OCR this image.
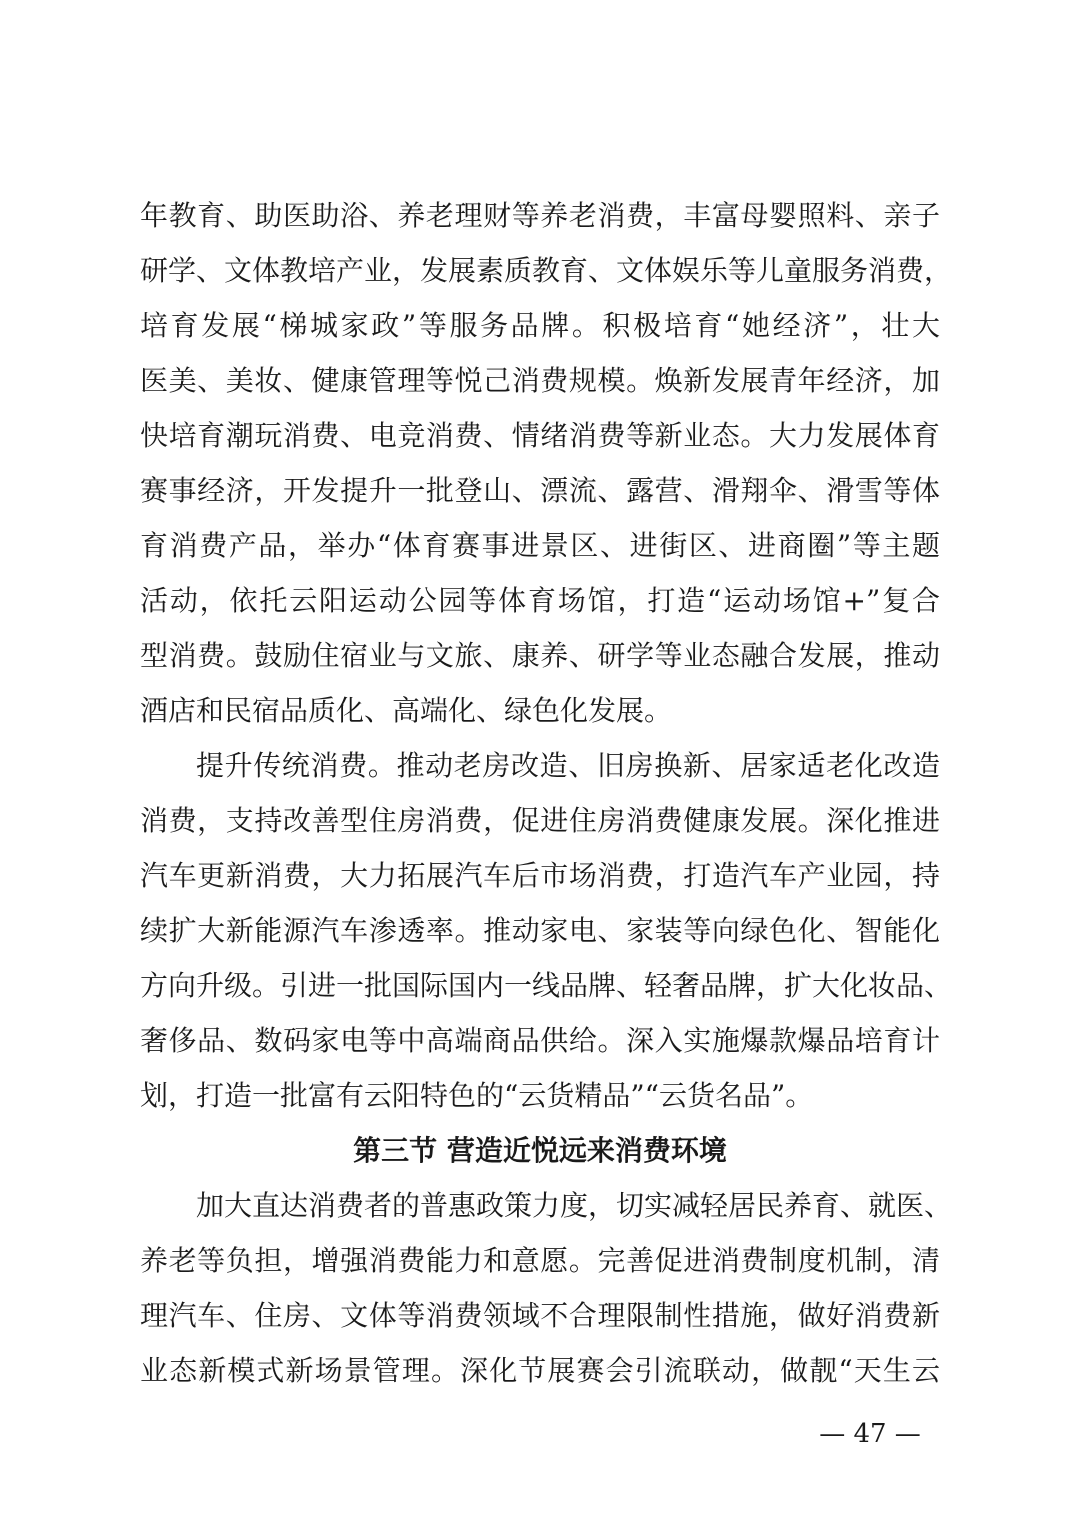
年教育、助医助浴、养老理财等养老消费，丰富母婴照料、亲子
研学、文体教培产业，发展素质教育、文体娱乐等儿童服务消费，
培育发展“梯城家政”等服务品牌。积极培育“她经济”，壮大
医美、美妆、健康管理等悦己消费规模。焕新发展青年经济，加
快培育潮玩消费、电竞消费、情绪消费等新业态。大力发展体育
赛事经济，开发提升一批登山、漂流、露营、滑翔伞、滑雪等体
育消费产品，举办“体育赛事进景区、进街区、进商圈”等主题
活动，依托云阳运动公园等体育场馆，打造“运动场馆+”复合
型消费。鼓励住宿业与文旅、康养、研学等业态融合发展，推动
酒店和民宿品质化、高端化、绿色化发展。
提升传统消费。推动老房改造、旧房换新、居家适老化改造
消费，支持改善型住房消费，促进住房消费健康发展。深化推进
汽车更新消费，大力拓展汽车后市场消费，打造汽车产业园，持
续扩大新能源汽车渗透率。推动家电、家装等向绿色化、智能化
方向升级。引进一批国际国内一线品牌、轻奢品牌，扩大化妆品、
奢侈品、数码家电等中高端商品供给。深入实施爆款爆品培育计
划，打造一批富有云阳特色的“云货精品”“云货名品”。
第三节 营造近悦远来消费环境
加大直达消费者的普惠政策力度，切实减轻居民养育、就医、
养老等负担，增强消费能力和意愿。完善促进消费制度机制，清
理汽车、住房、文体等消费领域不合理限制性措施，做好消费新
业态新模式新场景管理。深化节展赛会引流联动，做靓“天生云
— 47 —
